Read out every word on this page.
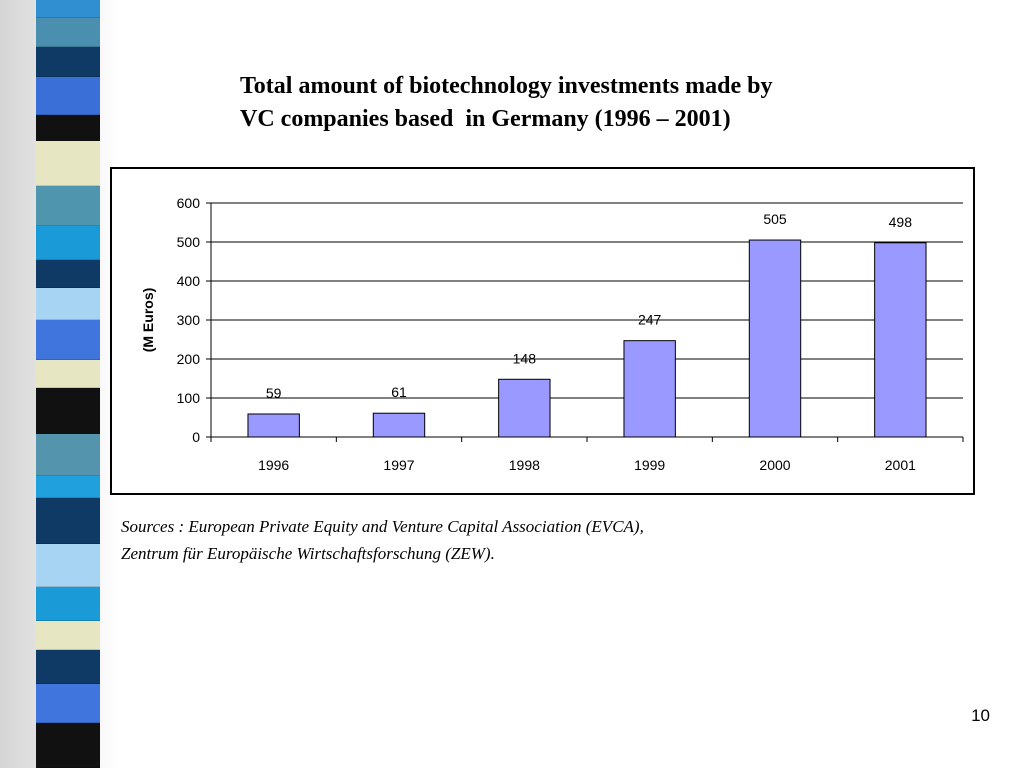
Total amount of biotechnology investments made by
VC companies based  in Germany (1996 – 2001)
0
100
200
300
400
500
600
59
1996
61
1997
148
1998
247
1999
505
2000
498
2001
(M Euros)
Sources : European Private Equity and Venture Capital Association (EVCA),
Zentrum für Europäische Wirtschaftsforschung (ZEW).
10
